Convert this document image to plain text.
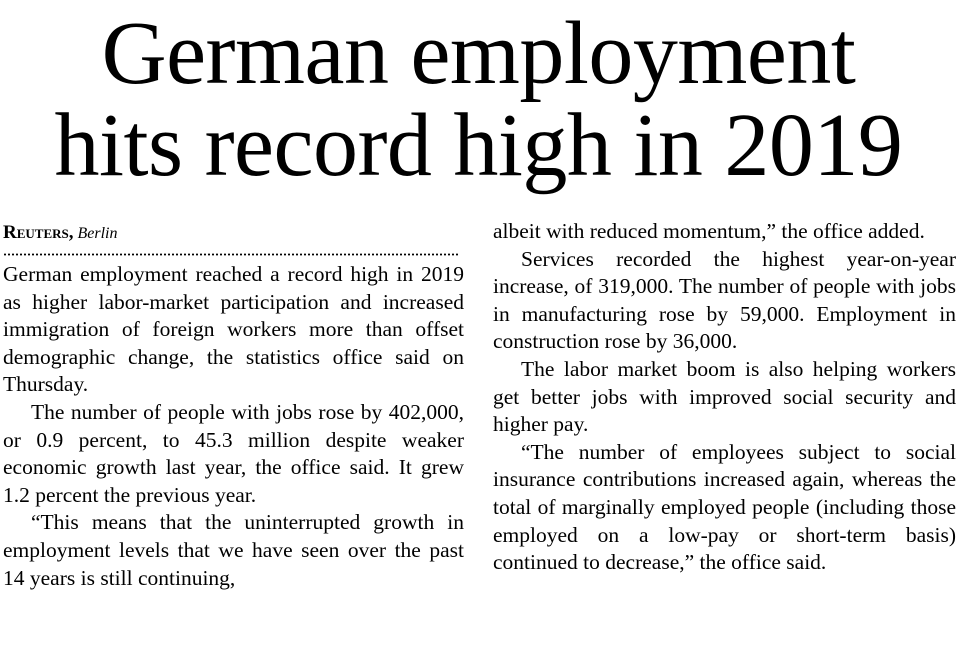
German employment
hits record high in 2019
Reuters, Berlin

German employment reached a record high in 2019 as higher labor-market participation and increased immigration of foreign workers more than offset demographic change, the statistics office said on Thursday.

The number of people with jobs rose by 402,000, or 0.9 percent, to 45.3 million despite weaker economic growth last year, the office said. It grew 1.2 percent the previous year.

“This means that the uninterrupted growth in employment levels that we have seen over the past 14 years is still continuing,

albeit with reduced momentum,” the office added.

Services recorded the highest year-on-year increase, of 319,000. The number of people with jobs in manufacturing rose by 59,000. Employment in construction rose by 36,000.

The labor market boom is also helping workers get better jobs with improved social security and higher pay.

“The number of employees subject to social insurance contributions increased again, whereas the total of marginally employed people (including those employed on a low-pay or short-term basis) continued to decrease,” the office said.
